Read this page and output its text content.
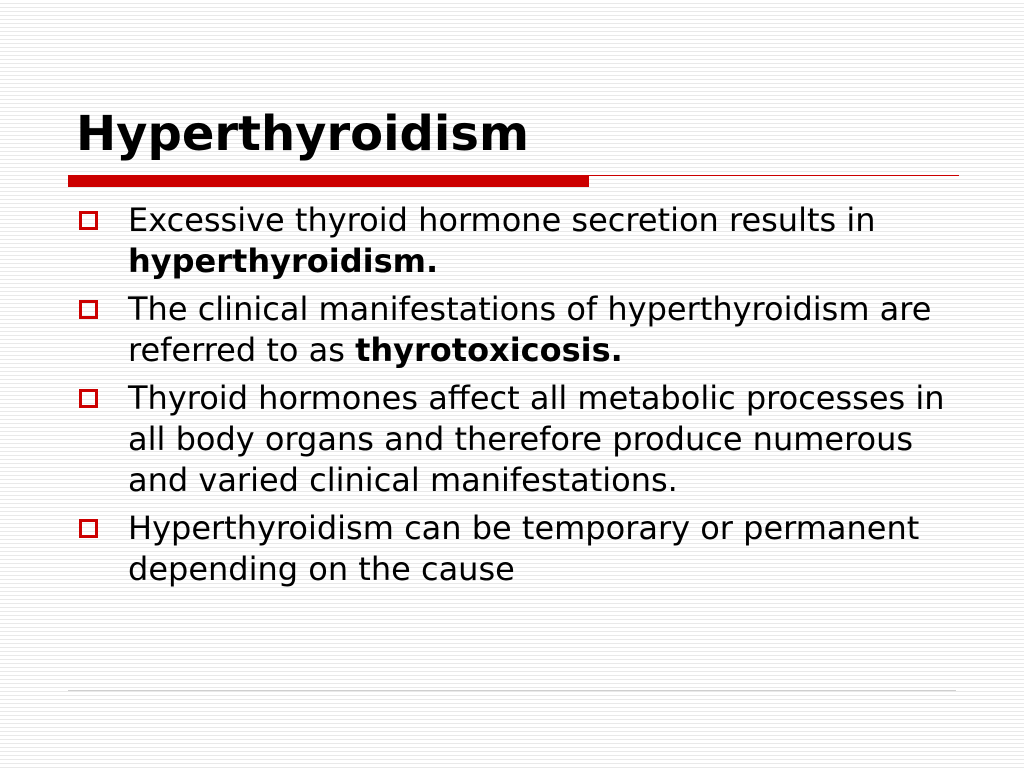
Hyperthyroidism
Excessive thyroid hormone secretion results in hyperthyroidism.
The clinical manifestations of hyperthyroidism are referred to as thyrotoxicosis.
Thyroid hormones affect all metabolic processes in all body organs and therefore produce numerous and varied clinical manifestations.
Hyperthyroidism can be temporary or permanent depending on the cause
